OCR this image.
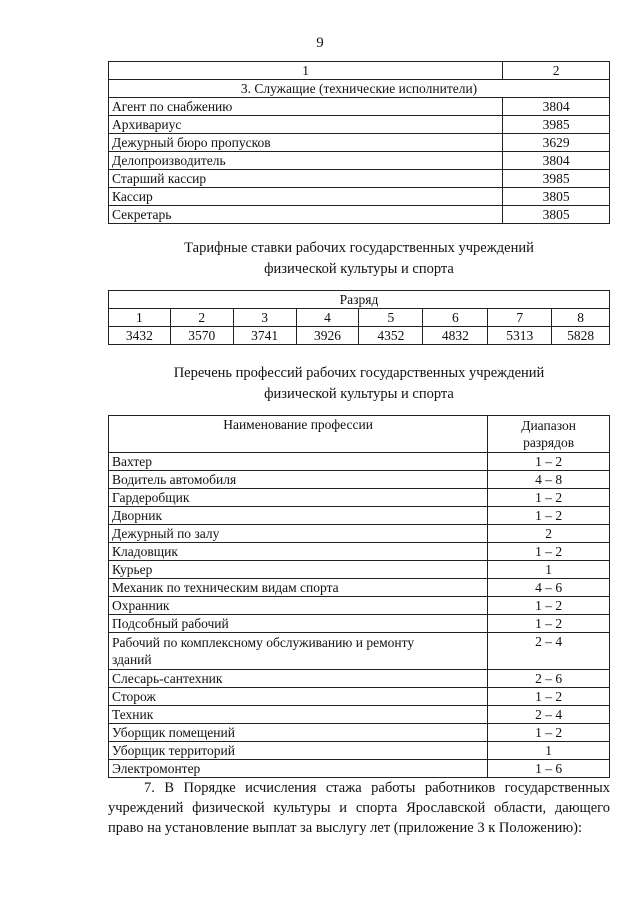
9
1	2
3. Служащие (технические исполнители)	
Агент по снабжению	3804
Архивариус	3985
Дежурный бюро пропусков	3629
Делопроизводитель	3804
Старший кассир	3985
Кассир	3805
Секретарь	3805
Тарифные ставки рабочих государственных учреждений
физической культуры и спорта
Разряд							
1	2	3	4	5	6	7	8
3432	3570	3741	3926	4352	4832	5313	5828
Перечень профессий рабочих государственных учреждений
физической культуры и спорта
Наименование профессии	Диапазон
разрядов

Вахтер	1 – 2
Водитель автомобиля	4 – 8
Гардеробщик	1 – 2
Дворник	1 – 2
Дежурный по залу	2
Кладовщик	1 – 2
Курьер	1
Механик по техническим видам спорта	4 – 6
Охранник	1 – 2
Подсобный рабочий	1 – 2

Рабочий по комплексному обслуживанию и ремонту
зданий	2 – 4
Слесарь-сантехник	2 – 6
Сторож	1 – 2
Техник	2 – 4
Уборщик помещений	1 – 2
Уборщик территорий	1
Электромонтер	1 – 6
7. В Порядке исчисления стажа работы работников государственных
учреждений физической культуры и спорта Ярославской области, дающего
право на установление выплат за выслугу лет (приложение 3 к Положению):
